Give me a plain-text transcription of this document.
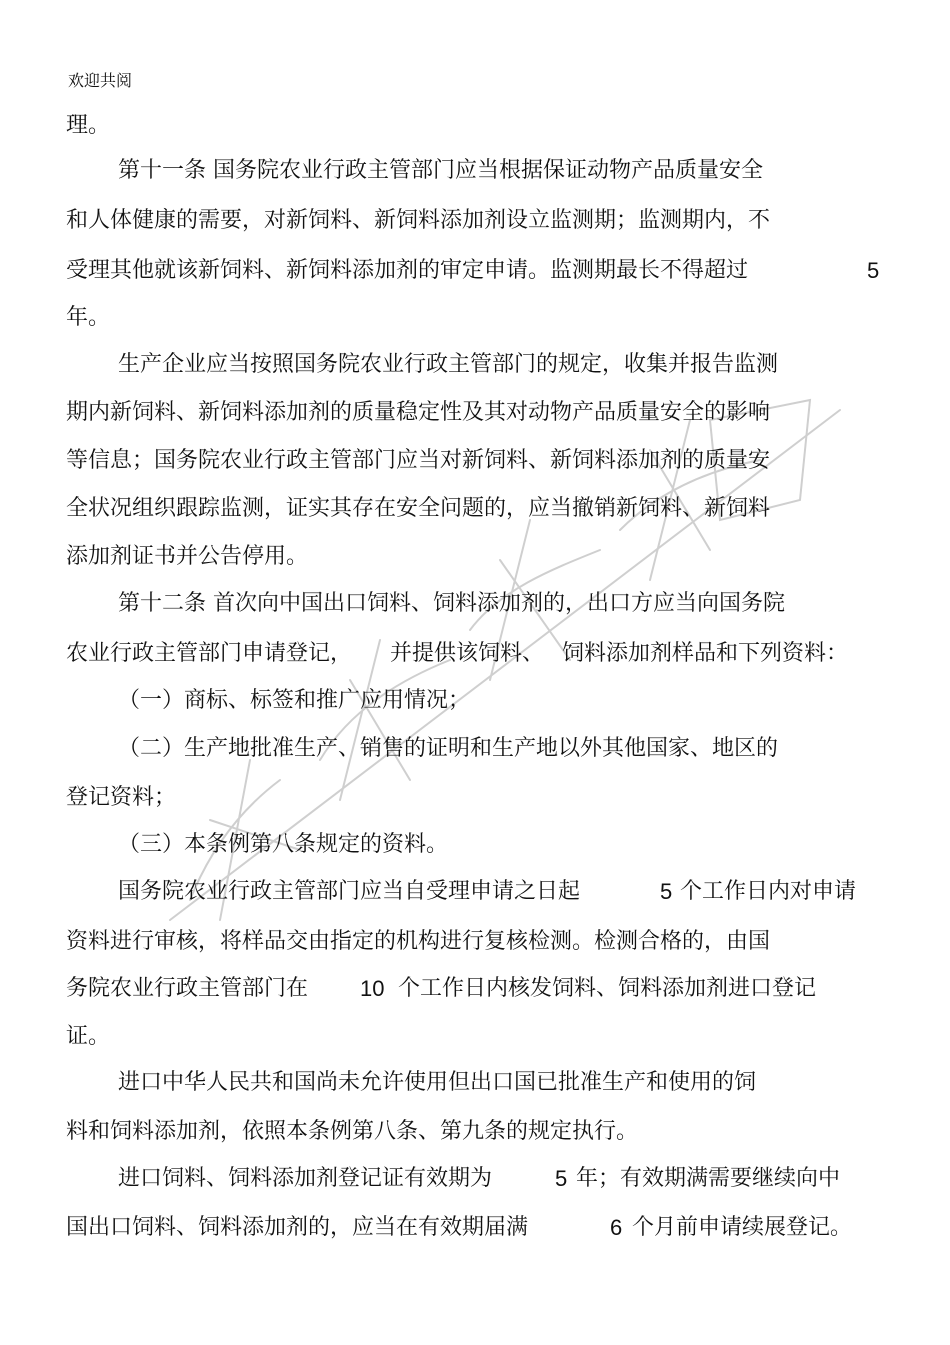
欢迎共阅
理。
第十一条 国务院农业行政主管部门应当根据保证动物产品质量安全
和人体健康的需要，对新饲料、新饲料添加剂设立监测期；监测期内，不
受理其他就该新饲料、新饲料添加剂的审定申请。监测期最长不得超过	5
年。
生产企业应当按照国务院农业行政主管部门的规定，收集并报告监测
期内新饲料、新饲料添加剂的质量稳定性及其对动物产品质量安全的影响
等信息；国务院农业行政主管部门应当对新饲料、新饲料添加剂的质量安
全状况组织跟踪监测，证实其存在安全问题的，应当撤销新饲料、新饲料
添加剂证书并公告停用。
第十二条 首次向中国出口饲料、饲料添加剂的，出口方应当向国务院
农业行政主管部门申请登记， 并提供该饲料、 饲料添加剂样品和下列资料：
（一）商标、标签和推广应用情况；
（二）生产地批准生产、销售的证明和生产地以外其他国家、地区的
登记资料；
（三）本条例第八条规定的资料。
国务院农业行政主管部门应当自受理申请之日起	5 个工作日内对申请
资料进行审核，将样品交由指定的机构进行复核检测。检测合格的，由国
务院农业行政主管部门在 10 个工作日内核发饲料、饲料添加剂进口登记
证。
进口中华人民共和国尚未允许使用但出口国已批准生产和使用的饲
料和饲料添加剂，依照本条例第八条、第九条的规定执行。
进口饲料、饲料添加剂登记证有效期为	5 年；有效期满需要继续向中
国出口饲料、饲料添加剂的，应当在有效期届满	6 个月前申请续展登记。
